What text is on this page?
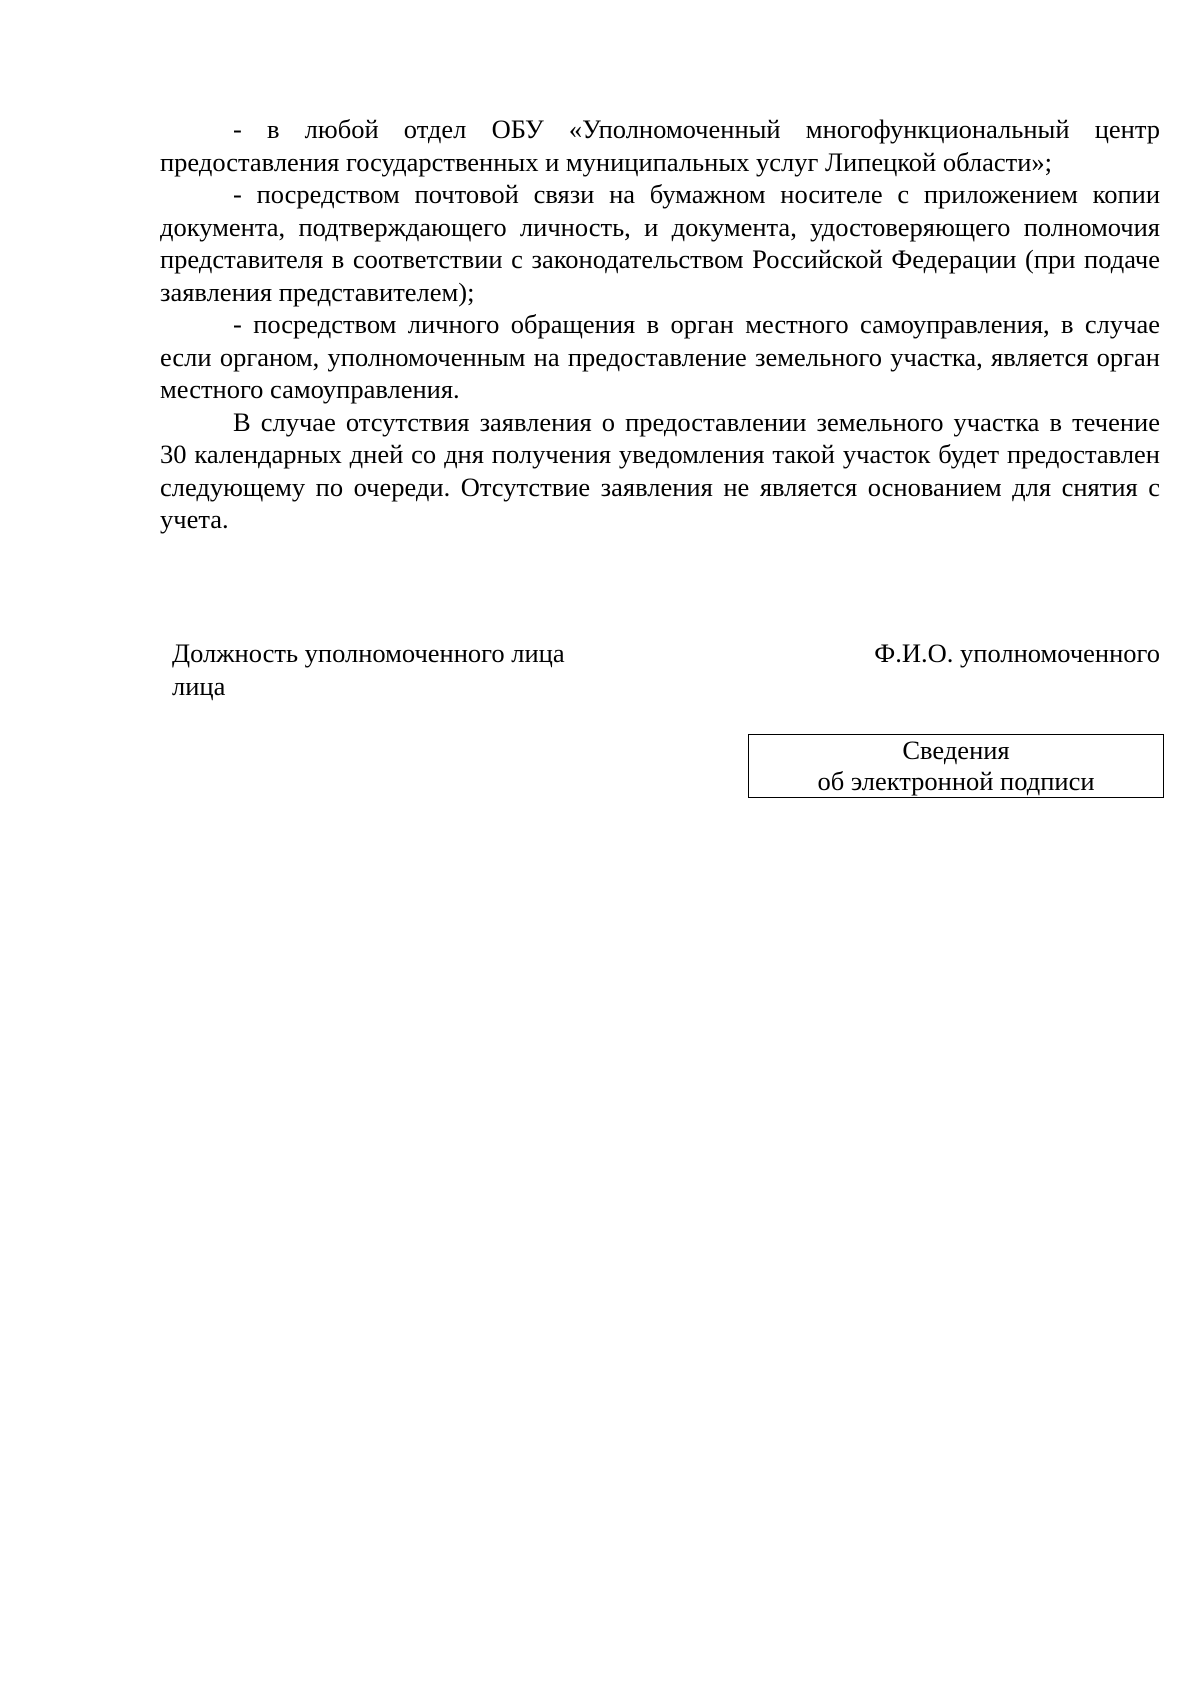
- в любой отдел ОБУ «Уполномоченный многофункциональный центр предоставления государственных и муниципальных услуг Липецкой области»;

- посредством почтовой связи на бумажном носителе с приложением копии документа, подтверждающего личность, и документа, удостоверяющего полномочия представителя в соответствии с законодательством Российской Федерации (при подаче заявления представителем);

- посредством личного обращения в орган местного самоуправления, в случае если органом, уполномоченным на предоставление земельного участка, является орган местного самоуправления.

В случае отсутствия заявления о предоставлении земельного участка в течение 30 календарных дней со дня получения уведомления такой участок будет предоставлен следующему по очереди. Отсутствие заявления не является основанием для снятия с учета.

Должность уполномоченного лица
лица
Ф.И.О. уполномоченного
Сведения
об электронной подписи
